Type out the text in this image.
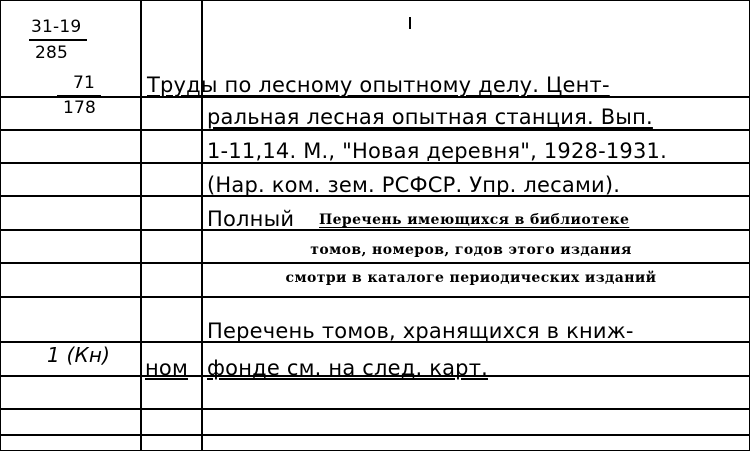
31-19
285
71
178
Труды по лесному опытному делу. Цент-
ральная лесная опытная станция. Вып.
1-11,14. М., "Новая деревня", 1928-1931.
(Нар. ком. зем. РСФСР. Упр. лесами).
Полный Перечень имеющихся в библиотеке
томов, номеров, годов этого издания
смотри в каталоге периодических изданий
Перечень томов, хранящихся в книж-
ном фонде см. на след. карт.
1 (Кн)
